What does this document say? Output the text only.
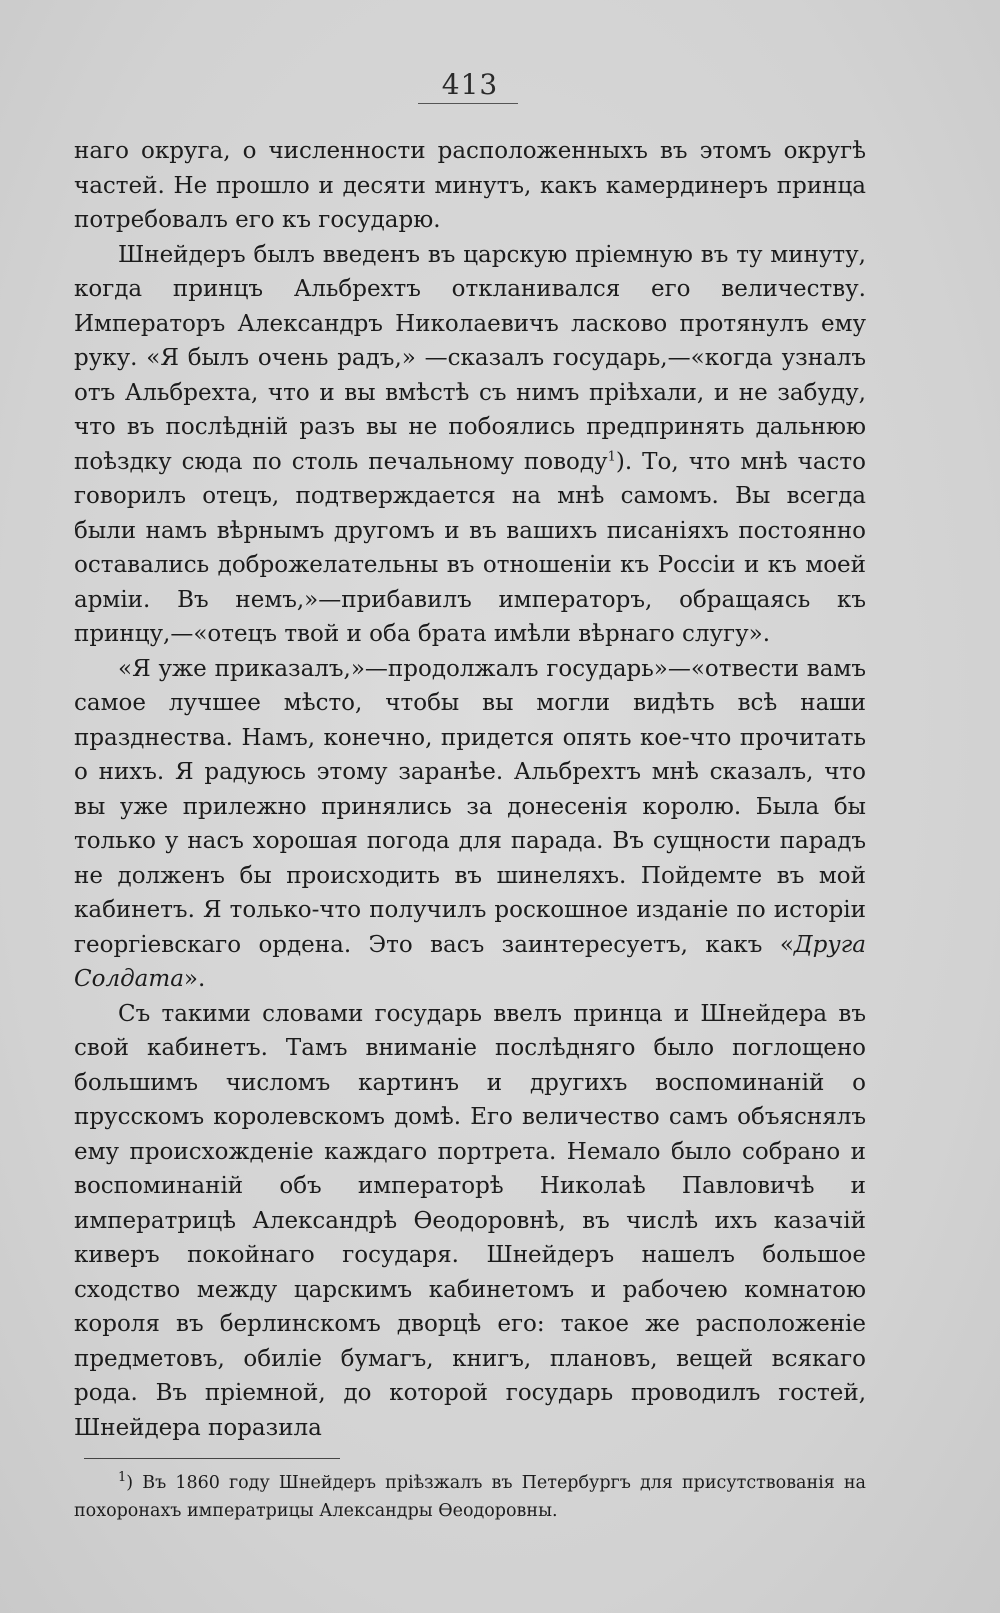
413

наго округа, о численности расположенныхъ въ этомъ округѣ частей. Не прошло и десяти минутъ, какъ камердинеръ принца потребовалъ его къ государю.

Шнейдеръ былъ введенъ въ царскую пріемную въ ту минуту, когда принцъ Альбрехтъ откланивался его величеству. Императоръ Александръ Николаевичъ ласково протянулъ ему руку. «Я былъ очень радъ,» —сказалъ государь,—«когда узналъ отъ Альбрехта, что и вы вмѣстѣ съ нимъ пріѣхали, и не забуду, что въ послѣдній разъ вы не побоялись предпринять дальнюю поѣздку сюда по столь печальному поводу$^1$). То, что мнѣ часто говорилъ отецъ, подтверждается на мнѣ самомъ. Вы всегда были намъ вѣрнымъ другомъ и въ вашихъ писаніяхъ постоянно оставались доброжелательны въ отношеніи къ Россіи и къ моей арміи. Въ немъ,»—прибавилъ императоръ, обращаясь къ принцу,—«отецъ твой и оба брата имѣли вѣрнаго слугу».

«Я уже приказалъ,»—продолжалъ государь»—«отвести вамъ самое лучшее мѣсто, чтобы вы могли видѣть всѣ наши празднества. Намъ, конечно, придется опять кое-что прочитать о нихъ. Я радуюсь этому заранѣе. Альбрехтъ мнѣ сказалъ, что вы уже прилежно принялись за донесенія королю. Была бы только у насъ хорошая погода для парада. Въ сущности парадъ не долженъ бы происходить въ шинеляхъ. Пойдемте въ мой кабинетъ. Я только-что получилъ роскошное изданіе по исторіи георгіевскаго ордена. Это васъ заинтересуетъ, какъ «Друга Солдата».

Съ такими словами государь ввелъ принца и Шнейдера въ свой кабинетъ. Тамъ вниманіе послѣдняго было поглощено большимъ числомъ картинъ и другихъ воспоминаній о прусскомъ королевскомъ домѣ. Его величество самъ объяснялъ ему происхожденіе каждаго портрета. Немало было собрано и воспоминаній объ императорѣ Николаѣ Павловичѣ и императрицѣ Александрѣ Өеодоровнѣ, въ числѣ ихъ казачій киверъ покойнаго государя. Шнейдеръ нашелъ большое сходство между царскимъ кабинетомъ и рабочею комнатою короля въ берлинскомъ дворцѣ его: такое же расположеніе предметовъ, обиліе бумагъ, книгъ, плановъ, вещей всякаго рода. Въ пріемной, до которой государь проводилъ гостей, Шнейдера поразила

$^1$) Въ 1860 году Шнейдеръ пріѣзжалъ въ Петербургъ для присутствованія на похоронахъ императрицы Александры Өеодоровны.
